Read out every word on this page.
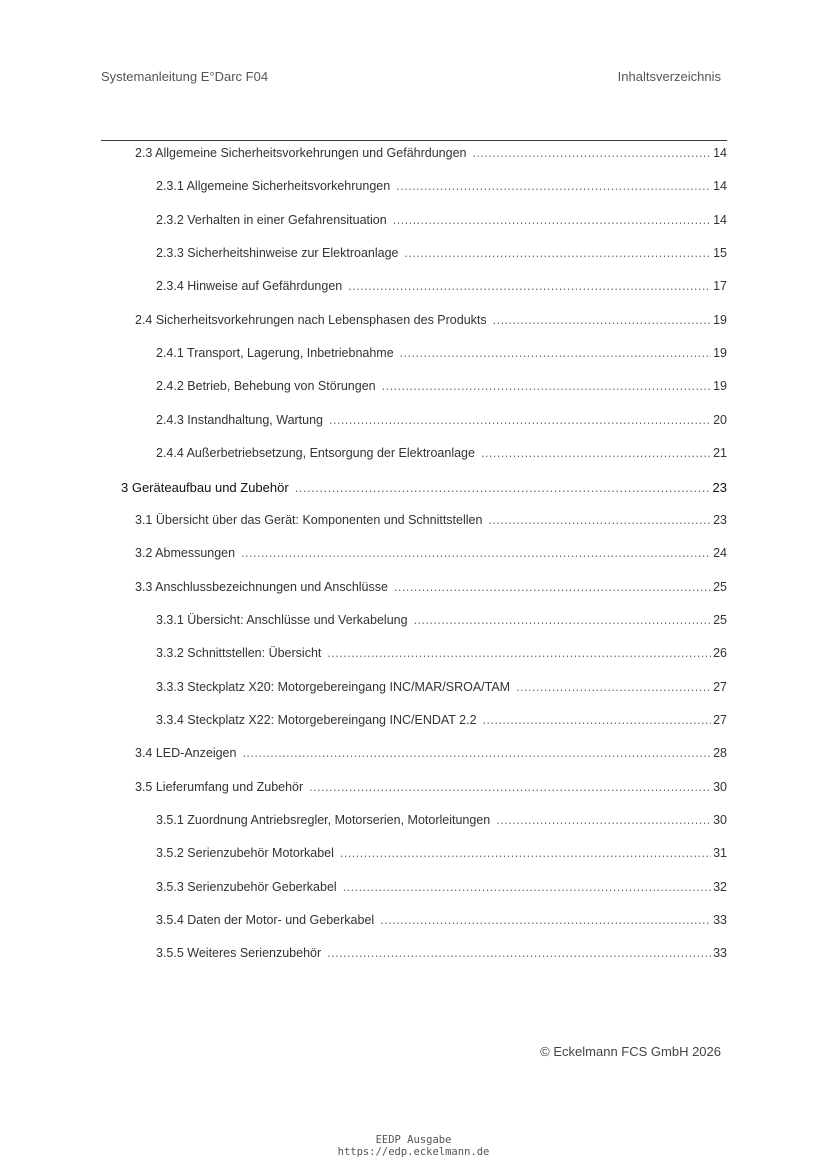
Systemanleitung E°Darc F04	Inhaltsverzeichnis
2.3 Allgemeine Sicherheitsvorkehrungen und Gefährdungen .....	14
2.3.1 Allgemeine Sicherheitsvorkehrungen .....	14
2.3.2 Verhalten in einer Gefahrensituation .....	14
2.3.3 Sicherheitshinweise zur Elektroanlage .....	15
2.3.4 Hinweise auf Gefährdungen .....	17
2.4 Sicherheitsvorkehrungen nach Lebensphasen des Produkts .....	19
2.4.1 Transport, Lagerung, Inbetriebnahme .....	19
2.4.2 Betrieb, Behebung von Störungen .....	19
2.4.3 Instandhaltung, Wartung .....	20
2.4.4 Außerbetriebsetzung, Entsorgung der Elektroanlage .....	21
3 Geräteaufbau und Zubehör .....	23
3.1 Übersicht über das Gerät: Komponenten und Schnittstellen .....	23
3.2 Abmessungen .....	24
3.3 Anschlussbezeichnungen und Anschlüsse .....	25
3.3.1 Übersicht: Anschlüsse und Verkabelung .....	25
3.3.2 Schnittstellen: Übersicht .....	26
3.3.3 Steckplatz X20: Motorgebereingang INC/MAR/SROA/TAM .....	27
3.3.4 Steckplatz X22: Motorgebereingang INC/ENDAT 2.2 .....	27
3.4 LED-Anzeigen .....	28
3.5 Lieferumfang und Zubehör .....	30
3.5.1 Zuordnung Antriebsregler, Motorserien, Motorleitungen .....	30
3.5.2 Serienzubehör Motorkabel .....	31
3.5.3 Serienzubehör Geberkabel .....	32
3.5.4 Daten der Motor- und Geberkabel .....	33
3.5.5 Weiteres Serienzubehör .....	33
© Eckelmann FCS GmbH 2026
EEDP Ausgabe
https://edp.eckelmann.de
